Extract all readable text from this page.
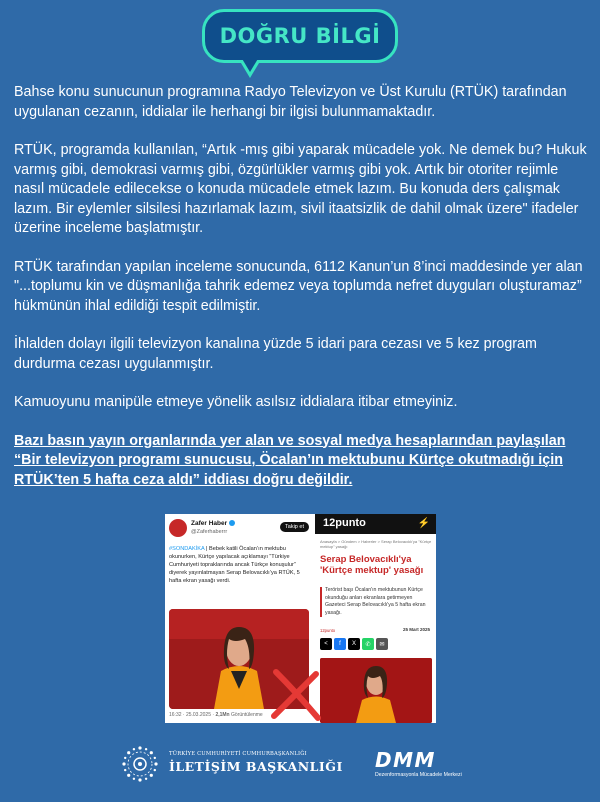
DOĞRU BİLGİ

Bahse konu sunucunun programına Radyo Televizyon ve Üst Kurulu (RTÜK) tarafından uygulanan cezanın, iddialar ile herhangi bir ilgisi bulunmamaktadır.

RTÜK, programda kullanılan, “Artık -mış gibi yaparak mücadele yok. Ne demek bu? Hukuk varmış gibi, demokrasi varmış gibi, özgürlükler varmış gibi yok. Artık bir otoriter rejimle nasıl mücadele edilecekse o konuda mücadele etmek lazım. Bu konuda ders çalışmak lazım. Bir eylemler silsilesi hazırlamak lazım, sivil itaatsizlik de dahil olmak üzere" ifadeler üzerine inceleme başlatmıştır.

RTÜK tarafından yapılan inceleme sonucunda, 6112 Kanun’un 8’inci maddesinde yer alan "...toplumu kin ve düşmanlığa tahrik edemez veya toplumda nefret duyguları oluşturamaz” hükmünün ihlal edildiği tespit edilmiştir.

İhlalden dolayı ilgili televizyon kanalına yüzde 5 idari para cezası ve 5 kez program durdurma cezası uygulanmıştır.

Kamuoyunu manipüle etmeye yönelik asılsız iddialara itibar etmeyiniz.

Bazı basın yayın organlarında yer alan ve sosyal medya hesaplarından paylaşılan “Bir televizyon programı sunucusu, Öcalan’ın mektubunu Kürtçe okutmadığı için RTÜK’ten 5 hafta ceza aldı” iddiası doğru değildir.

Zafer Haber
@Zaferhaberrr
Takip et
#SONDAKİKA | Bebek katili Öcalan’ın mektubu okunurken, Kürtçe yapılacak açıklamayı “Türkiye Cumhuriyeti topraklarında ancak Türkçe konuşulur” diyerek yayınlatmayan Serap Belovacıklı’ya RTÜK, 5 hafta ekran yasağı verdi.
16:32 · 25.03.2025 · 2,1Mn Görüntülenme
12punto	⚡
Anasayfa > Gündem > Haberler > Serap Belovacıklı'ya "Kürtçe mektup" yasağı
Serap Belovacıklı'ya 'Kürtçe mektup' yasağı
Terörist başı Öcalan'ın mektubunun Kürtçe okunduğu anları ekranlara getirmeyen Gazeteci Serap Belovacıklı'ya 5 hafta ekran yasağı.
12punto	25 Mart 2025
<	f	X	✆	✉
TÜRKİYE CUMHURİYETİ CUMHURBAŞKANLIĞI
İLETİŞİM BAŞKANLIĞI DMM
Dezenformasyonla Mücadele Merkezi
